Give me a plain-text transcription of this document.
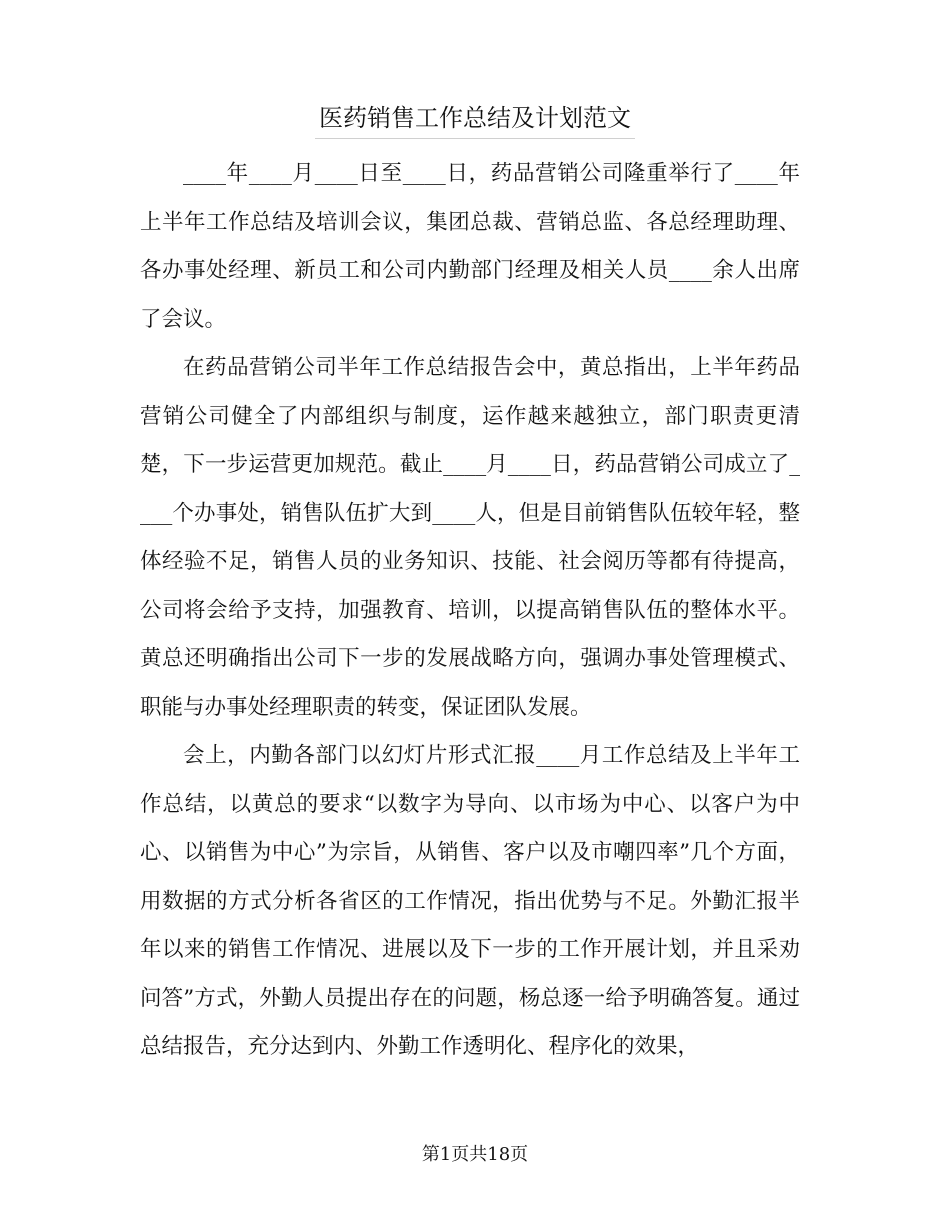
医药销售工作总结及计划范文

____年____月____日至____日，药品营销公司隆重举行了____年上半年工作总结及培训会议，集团总裁、营销总监、各总经理助理、各办事处经理、新员工和公司内勤部门经理及相关人员____余人出席了会议。

在药品营销公司半年工作总结报告会中，黄总指出，上半年药品营销公司健全了内部组织与制度，运作越来越独立，部门职责更清楚，下一步运营更加规范。截止____月____日，药品营销公司成立了____个办事处，销售队伍扩大到____人，但是目前销售队伍较年轻，整体经验不足，销售人员的业务知识、技能、社会阅历等都有待提高，公司将会给予支持，加强教育、培训，以提高销售队伍的整体水平。黄总还明确指出公司下一步的发展战略方向，强调办事处管理模式、职能与办事处经理职责的转变，保证团队发展。

会上，内勤各部门以幻灯片形式汇报____月工作总结及上半年工作总结，以黄总的要求“以数字为导向、以市场为中心、以客户为中心、以销售为中心”为宗旨，从销售、客户以及市嘲四率”几个方面，用数据的方式分析各省区的工作情况，指出优势与不足。外勤汇报半年以来的销售工作情况、进展以及下一步的工作开展计划，并且采劝问答”方式，外勤人员提出存在的问题，杨总逐一给予明确答复。通过总结报告，充分达到内、外勤工作透明化、程序化的效果，

第1页共18页
